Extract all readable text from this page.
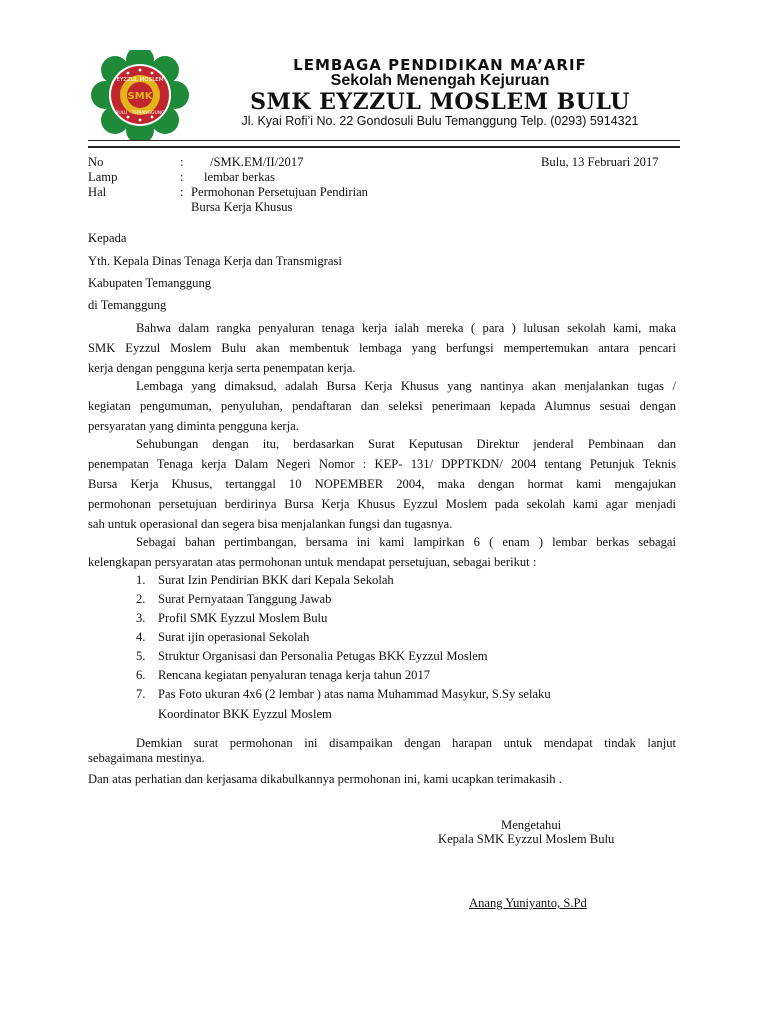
SMK
EYZZUL MOSLEM
BULU · TEMANGGUNG
LEMBAGA PENDIDIKAN MA’ARIF
Sekolah Menengah Kejuruan
SMK EYZZUL MOSLEM BULU
Jl. Kyai Rofi’i No. 22 Gondosuli Bulu Temanggung Telp. (0293) 5914321
No	: /SMK.EM/II/2017	Bulu, 13 Februari 2017
Lamp	: lembar berkas
Hal	: Permohonan Persetujuan Pendirian
Bursa Kerja Khusus
Kepada
Yth. Kepala Dinas Tenaga Kerja dan Transmigrasi
Kabupaten Temanggung
di Temanggung
Bahwa dalam rangka penyaluran tenaga kerja ialah mereka ( para ) lulusan sekolah kami, maka
SMK Eyzzul Moslem Bulu akan membentuk lembaga yang berfungsi mempertemukan antara pencari
kerja dengan pengguna kerja serta penempatan kerja.
Lembaga yang dimaksud, adalah Bursa Kerja Khusus yang nantinya akan menjalankan tugas /
kegiatan pengumuman, penyuluhan, pendaftaran dan seleksi penerimaan kepada Alumnus sesuai dengan
persyaratan yang diminta pengguna kerja.
Sehubungan dengan itu, berdasarkan Surat Keputusan Direktur jenderal Pembinaan dan
penempatan Tenaga kerja Dalam Negeri Nomor : KEP- 131/ DPPTKDN/ 2004 tentang Petunjuk Teknis
Bursa Kerja Khusus, tertanggal 10 NOPEMBER 2004, maka dengan hormat kami mengajukan
permohonan persetujuan berdirinya Bursa Kerja Khusus Eyzzul Moslem pada sekolah kami agar menjadi
sah untuk operasional dan segera bisa menjalankan fungsi dan tugasnya.
Sebagai bahan pertimbangan, bersama ini kami lampirkan 6 ( enam ) lembar berkas sebagai
kelengkapan persyaratan atas permohonan untuk mendapat persetujuan, sebagai berikut :
1. Surat Izin Pendirian BKK dari Kepala Sekolah
2. Surat Pernyataan Tanggung Jawab
3. Profil SMK Eyzzul Moslem Bulu
4. Surat ijin operasional Sekolah
5. Struktur Organisasi dan Personalia Petugas BKK Eyzzul Moslem
6. Rencana kegiatan penyaluran tenaga kerja tahun 2017
7. Pas Foto ukuran 4x6 (2 lembar ) atas nama Muhammad Masykur, S.Sy selaku
Koordinator BKK Eyzzul Moslem
Demkian surat permohonan ini disampaikan dengan harapan untuk mendapat tindak lanjut
sebagaimana mestinya.
Dan atas perhatian dan kerjasama dikabulkannya permohonan ini, kami ucapkan terimakasih .
Mengetahui
Kepala SMK Eyzzul Moslem Bulu
Anang Yuniyanto, S.Pd
